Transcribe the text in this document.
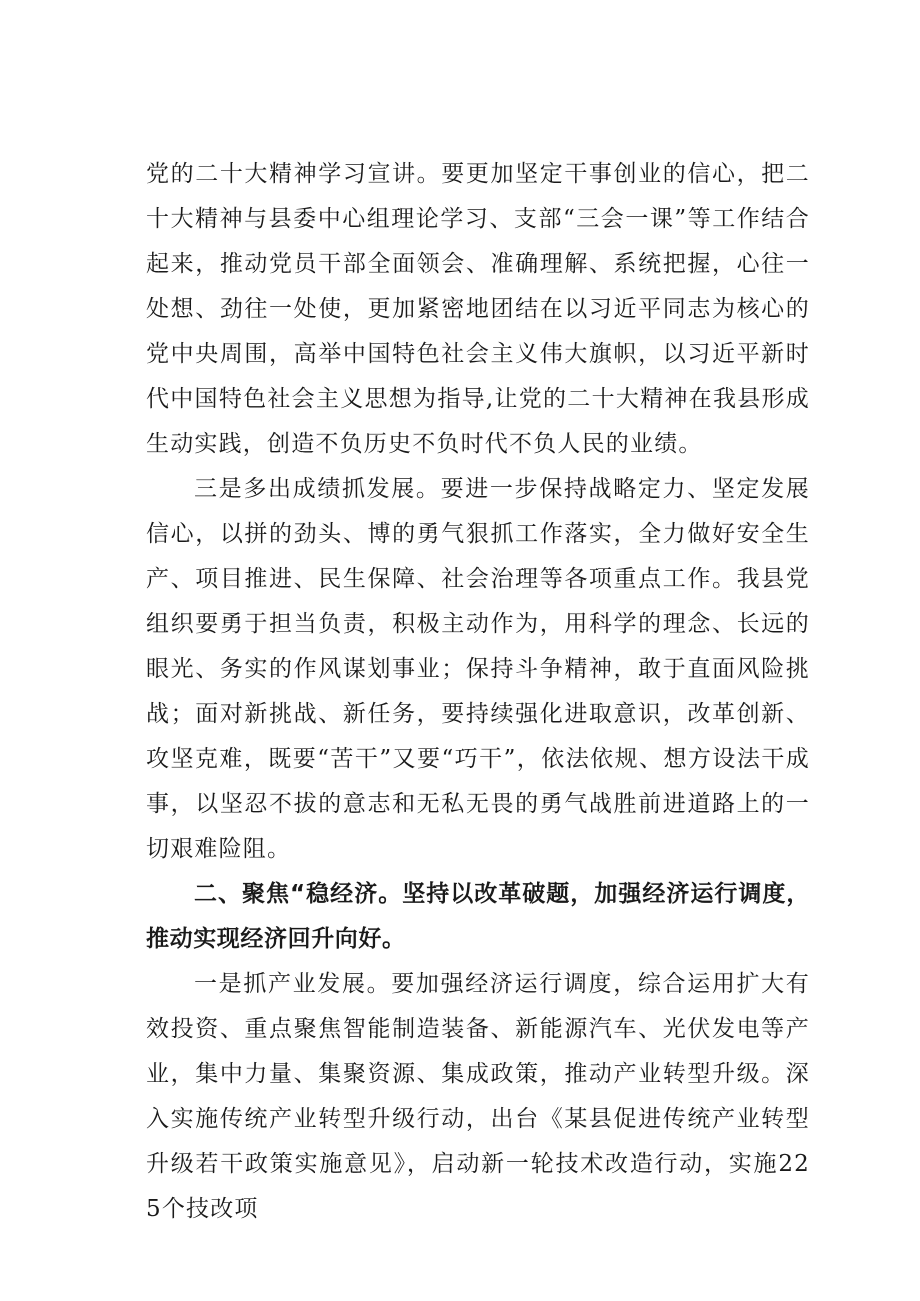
党的二十大精神学习宣讲。要更加坚定干事创业的信心，把二十大精神与县委中心组理论学习、支部“三会一课”等工作结合起来，推动党员干部全面领会、准确理解、系统把握，心往一处想、劲往一处使，更加紧密地团结在以习近平同志为核心的党中央周围，高举中国特色社会主义伟大旗帜，以习近平新时代中国特色社会主义思想为指导,让党的二十大精神在我县形成生动实践，创造不负历史不负时代不负人民的业绩。

三是多出成绩抓发展。要进一步保持战略定力、坚定发展信心，以拼的劲头、博的勇气狠抓工作落实，全力做好安全生产、项目推进、民生保障、社会治理等各项重点工作。我县党组织要勇于担当负责，积极主动作为，用科学的理念、长远的眼光、务实的作风谋划事业；保持斗争精神，敢于直面风险挑战；面对新挑战、新任务，要持续强化进取意识，改革创新、攻坚克难，既要“苦干”又要“巧干”，依法依规、想方设法干成事，以坚忍不拔的意志和无私无畏的勇气战胜前进道路上的一切艰难险阻。

二、聚焦“稳经济。坚持以改革破题，加强经济运行调度，推动实现经济回升向好。

一是抓产业发展。要加强经济运行调度，综合运用扩大有效投资、重点聚焦智能制造装备、新能源汽车、光伏发电等产业，集中力量、集聚资源、集成政策，推动产业转型升级。深入实施传统产业转型升级行动，出台《某县促进传统产业转型升级若干政策实施意见》，启动新一轮技术改造行动，实施225个技改项
